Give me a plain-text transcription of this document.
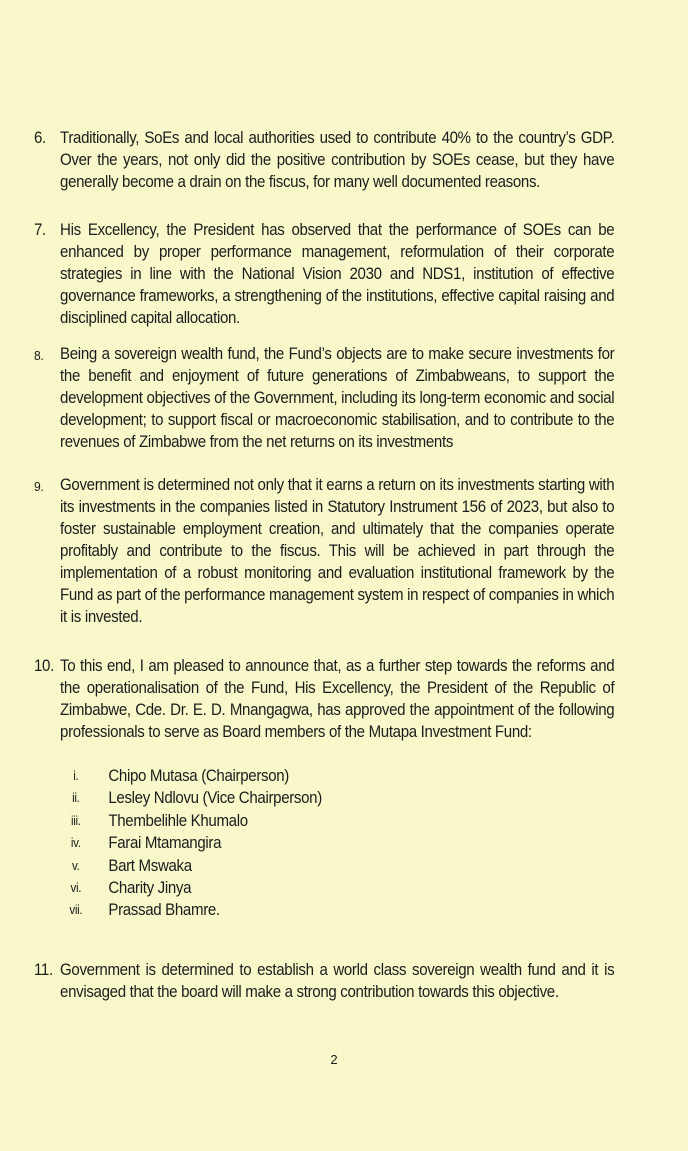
6. Traditionally, SoEs and local authorities used to contribute 40% to the country’s GDP. Over the years, not only did the positive contribution by SOEs cease, but they have generally become a drain on the fiscus, for many well documented reasons.
7. His Excellency, the President has observed that the performance of SOEs can be enhanced by proper performance management, reformulation of their corporate strategies in line with the National Vision 2030 and NDS1, institution of effective governance frameworks, a strengthening of the institutions, effective capital raising and disciplined capital allocation.
8.	Being a sovereign wealth fund, the Fund’s objects are to make secure investments for the benefit and enjoyment of future generations of Zimbabweans, to support the development objectives of the Government, including its long-term economic and social development; to support fiscal or macroeconomic stabilisation, and to contribute to the revenues of Zimbabwe from the net returns on its investments
9.	Government is determined not only that it earns a return on its investments starting with its investments in the companies listed in Statutory Instrument 156 of 2023, but also to foster sustainable employment creation, and ultimately that the companies operate profitably and contribute to the fiscus. This will be achieved in part through the implementation of a robust monitoring and evaluation institutional framework by the Fund as part of the performance management system in respect of companies in which it is invested.
10. To this end, I am pleased to announce that, as a further step towards the reforms and the operationalisation of the Fund, His Excellency, the President of the Republic of Zimbabwe, Cde. Dr. E. D. Mnangagwa, has approved the appointment of the following professionals to serve as Board members of the Mutapa Investment Fund:
i.	Chipo Mutasa (Chairperson)
ii.	Lesley Ndlovu (Vice Chairperson)
iii.	Thembelihle Khumalo
iv.	Farai Mtamangira
v.	Bart Mswaka
vi.	Charity Jinya
vii.	Prassad Bhamre.
11. Government is determined to establish a world class sovereign wealth fund and it is envisaged that the board will make a strong contribution towards this objective.
2
